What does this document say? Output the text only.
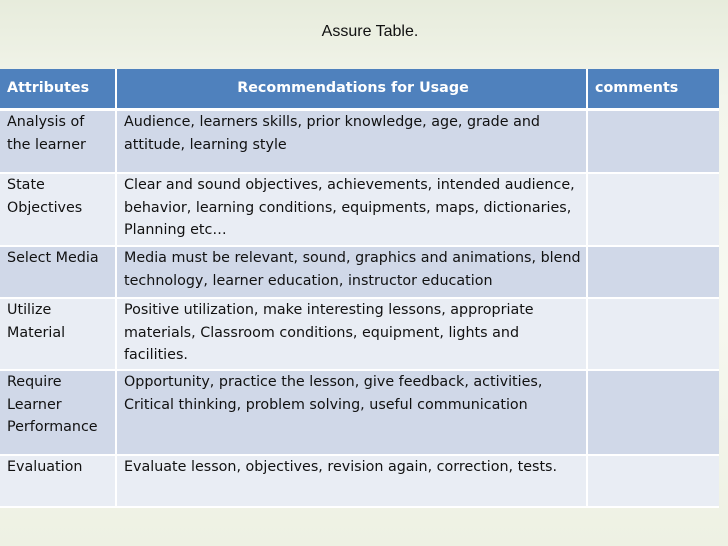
Assure Table.
Attributes	Recommendations for Usage	comments
Analysis of the learner	Audience, learners skills, prior knowledge, age, grade and attitude, learning style	
State Objectives	Clear and sound objectives, achievements, intended audience, behavior, learning conditions, equipments, maps, dictionaries, Planning etc…	
Select Media	Media must be relevant, sound, graphics and animations, blend technology, learner education, instructor education	
Utilize Material	Positive utilization, make interesting lessons, appropriate materials, Classroom conditions, equipment, lights and facilities.	
Require Learner Performance	Opportunity, practice the lesson, give feedback, activities, Critical thinking, problem solving, useful communication	
Evaluation	Evaluate lesson, objectives, revision again, correction, tests.	
